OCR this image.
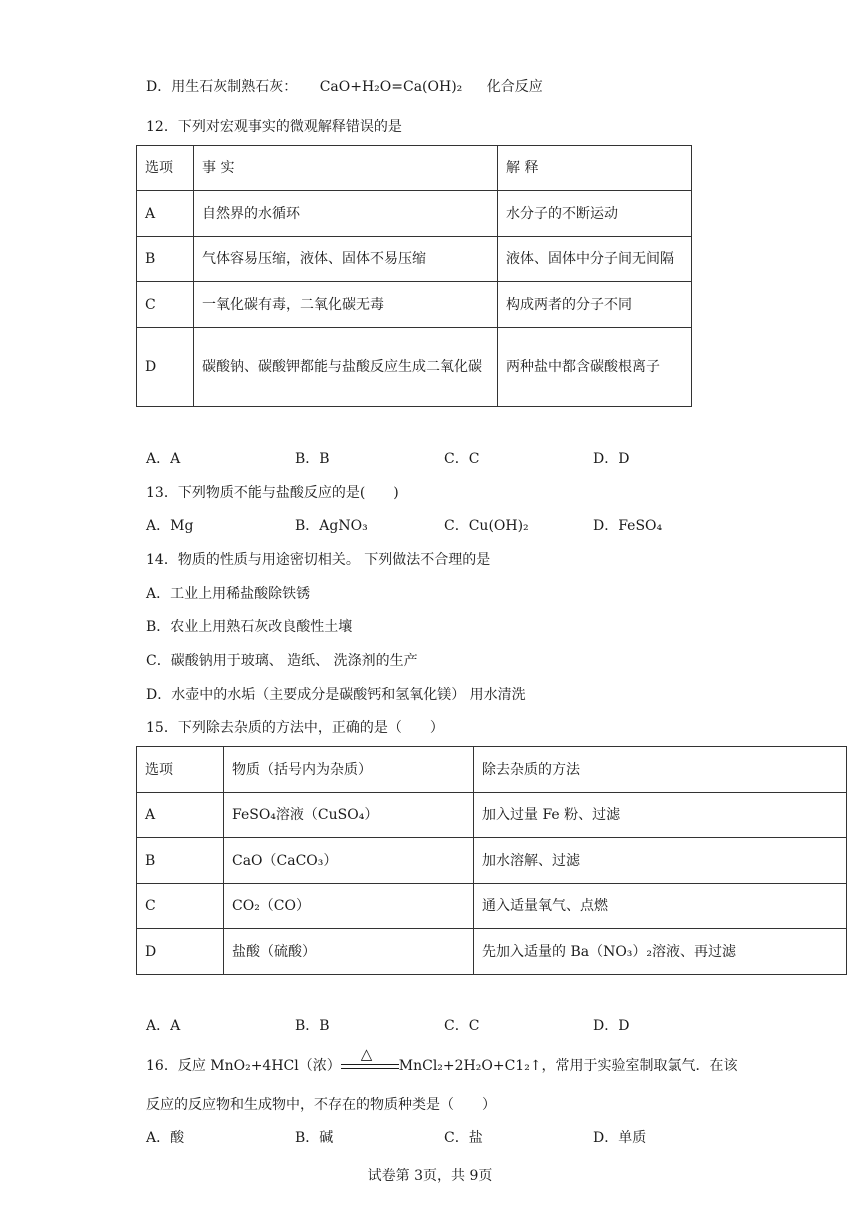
D．用生石灰制熟石灰： CaO+H₂O=Ca(OH)₂ 化合反应
12．下列对宏观事实的微观解释错误的是
选项	事 实	解 释
A	自然界的水循环	水分子的不断运动
B	气体容易压缩，液体、固体不易压缩	液体、固体中分子间无间隔
C	一氧化碳有毒，二氧化碳无毒	构成两者的分子不同
D	碳酸钠、碳酸钾都能与盐酸反应生成二氧化碳	两种盐中都含碳酸根离子
A．A	B．B	C．C	D．D
13．下列物质不能与盐酸反应的是(　　)
A．Mg	B．AgNO₃	C．Cu(OH)₂	D．FeSO₄
14．物质的性质与用途密切相关。 下列做法不合理的是
A．工业上用稀盐酸除铁锈
B．农业上用熟石灰改良酸性土壤
C．碳酸钠用于玻璃、 造纸、 洗涤剂的生产
D．水壶中的水垢（主要成分是碳酸钙和氢氧化镁） 用水清洗
15．下列除去杂质的方法中，正确的是（　　）
选项	物质（括号内为杂质）	除去杂质的方法
A	FeSO₄溶液（CuSO₄）	加入过量 Fe 粉、过滤
B	CaO（CaCO₃）	加水溶解、过滤
C	CO₂（CO）	通入适量氧气、点燃
D	盐酸（硫酸）	先加入适量的 Ba（NO₃）₂溶液、再过滤
A．A	B．B	C．C	D．D
16．反应 MnO₂+4HCl（浓）
△
MnCl₂+2H₂O+C1₂↑，常用于实验室制取氯气．在该
反应的反应物和生成物中，不存在的物质种类是（　　）
A．酸	B．碱	C．盐	D．单质
试卷第 3页，共 9页
